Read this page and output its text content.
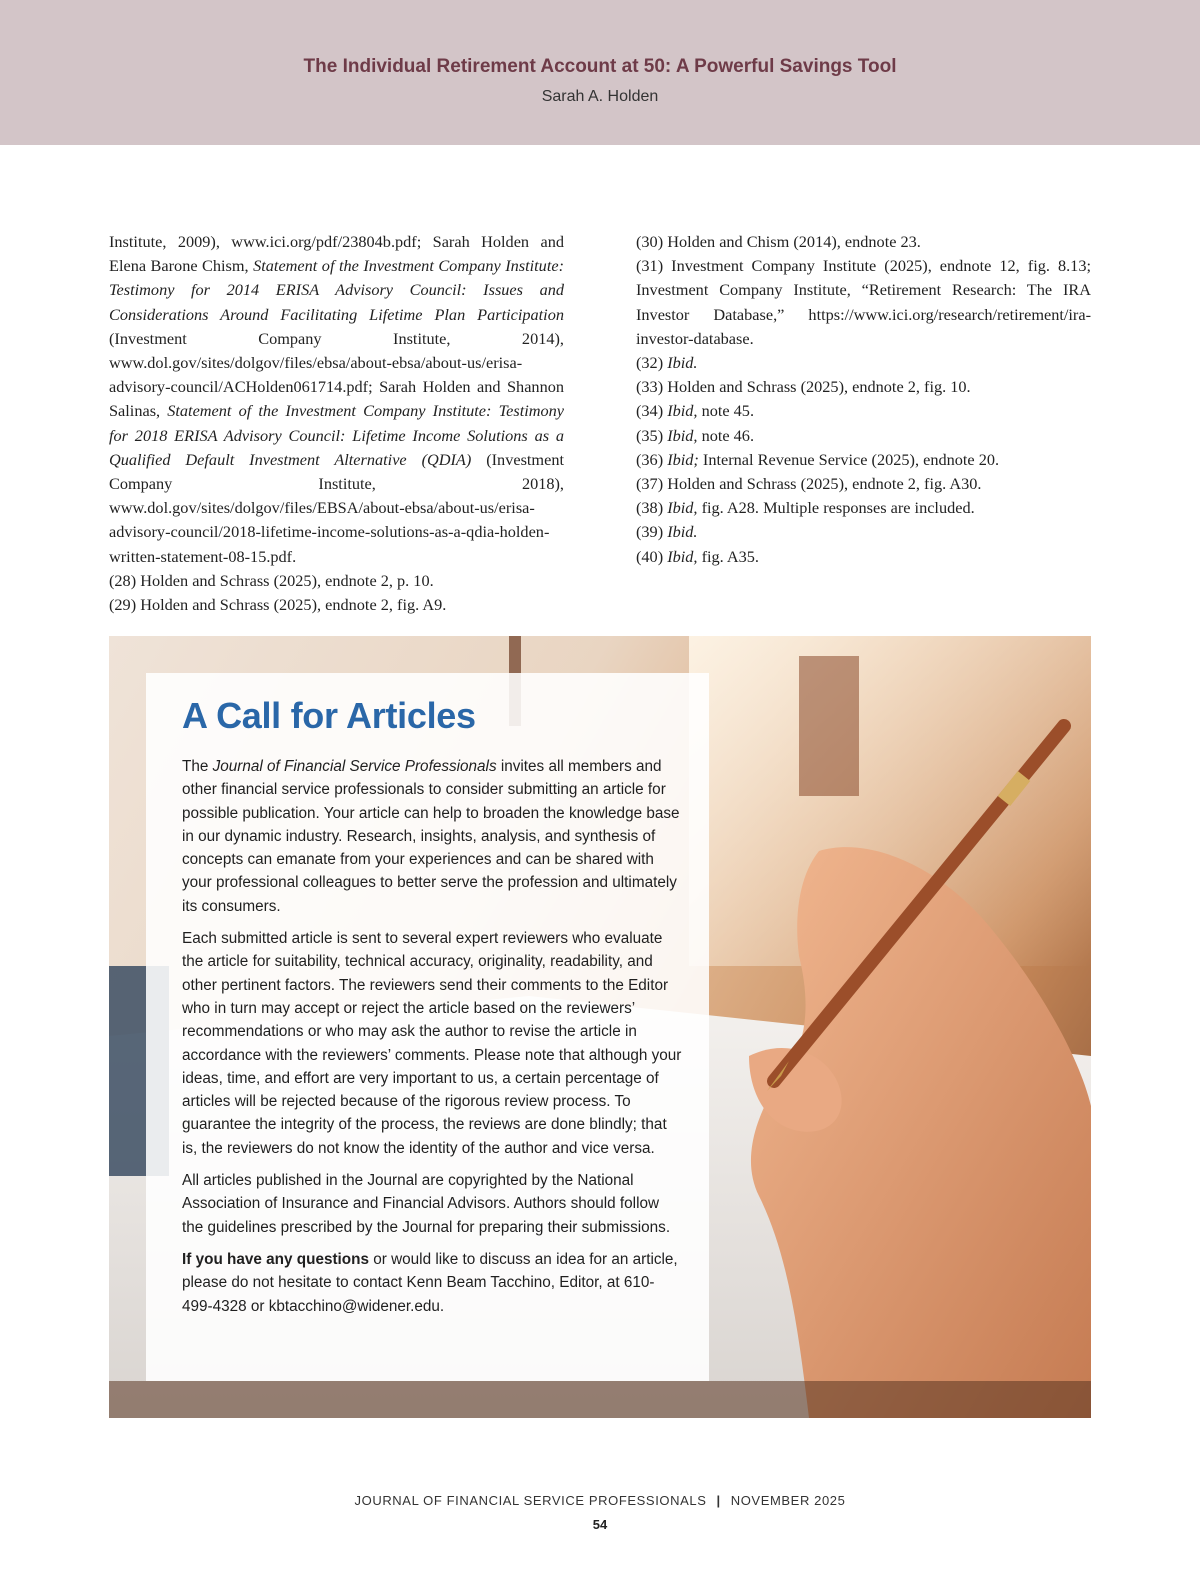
The Individual Retirement Account at 50: A Powerful Savings Tool
Sarah A. Holden

Institute, 2009), www.ici.org/pdf/23804b.pdf; Sarah Holden and Elena Barone Chism, Statement of the Investment Company Institute: Testimony for 2014 ERISA Advisory Council: Issues and Considerations Around Facilitating Lifetime Plan Participation (Investment Company Institute, 2014), www.dol.gov/sites/dolgov/files/ebsa/about-ebsa/about-us/erisa-advisory-council/ACHolden061714.pdf; Sarah Holden and Shannon Salinas, Statement of the Investment Company Institute: Testimony for 2018 ERISA Advisory Council: Lifetime Income Solutions as a Qualified Default Investment Alternative (QDIA) (Investment Company Institute, 2018), www.dol.gov/sites/dolgov/files/EBSA/about-ebsa/about-us/erisa-advisory-council/2018-lifetime-income-solutions-as-a-qdia-holden-written-statement-08-15.pdf.

(28) Holden and Schrass (2025), endnote 2, p. 10.

(29) Holden and Schrass (2025), endnote 2, fig. A9.

(30) Holden and Chism (2014), endnote 23.

(31) Investment Company Institute (2025), endnote 12, fig. 8.13; Investment Company Institute, “Retirement Research: The IRA Investor Database,” https://www.ici.org/research/retirement/ira-investor-database.

(32) Ibid.

(33) Holden and Schrass (2025), endnote 2, fig. 10.

(34) Ibid, note 45.

(35) Ibid, note 46.

(36) Ibid; Internal Revenue Service (2025), endnote 20.

(37) Holden and Schrass (2025), endnote 2, fig. A30.

(38) Ibid, fig. A28. Multiple responses are included.

(39) Ibid.

(40) Ibid, fig. A35.

A Call for Articles

The Journal of Financial Service Professionals invites all members and other financial service professionals to consider submitting an article for possible publication. Your article can help to broaden the knowledge base in our dynamic industry. Research, insights, analysis, and synthesis of concepts can emanate from your experiences and can be shared with your professional colleagues to better serve the profession and ultimately its consumers.

Each submitted article is sent to several expert reviewers who evaluate the article for suitability, technical accuracy, originality, readability, and other pertinent factors. The reviewers send their comments to the Editor who in turn may accept or reject the article based on the reviewers’ recommendations or who may ask the author to revise the article in accordance with the reviewers’ comments. Please note that although your ideas, time, and effort are very important to us, a certain percentage of articles will be rejected because of the rigorous review process. To guarantee the integrity of the process, the reviews are done blindly; that is, the reviewers do not know the identity of the author and vice versa.

All articles published in the Journal are copyrighted by the National Association of Insurance and Financial Advisors. Authors should follow the guidelines prescribed by the Journal for preparing their submissions.

If you have any questions or would like to discuss an idea for an article, please do not hesitate to contact Kenn Beam Tacchino, Editor, at 610-499-4328 or kbtacchino@widener.edu.

JOURNAL OF FINANCIAL SERVICE PROFESSIONALS | NOVEMBER 2025
54
